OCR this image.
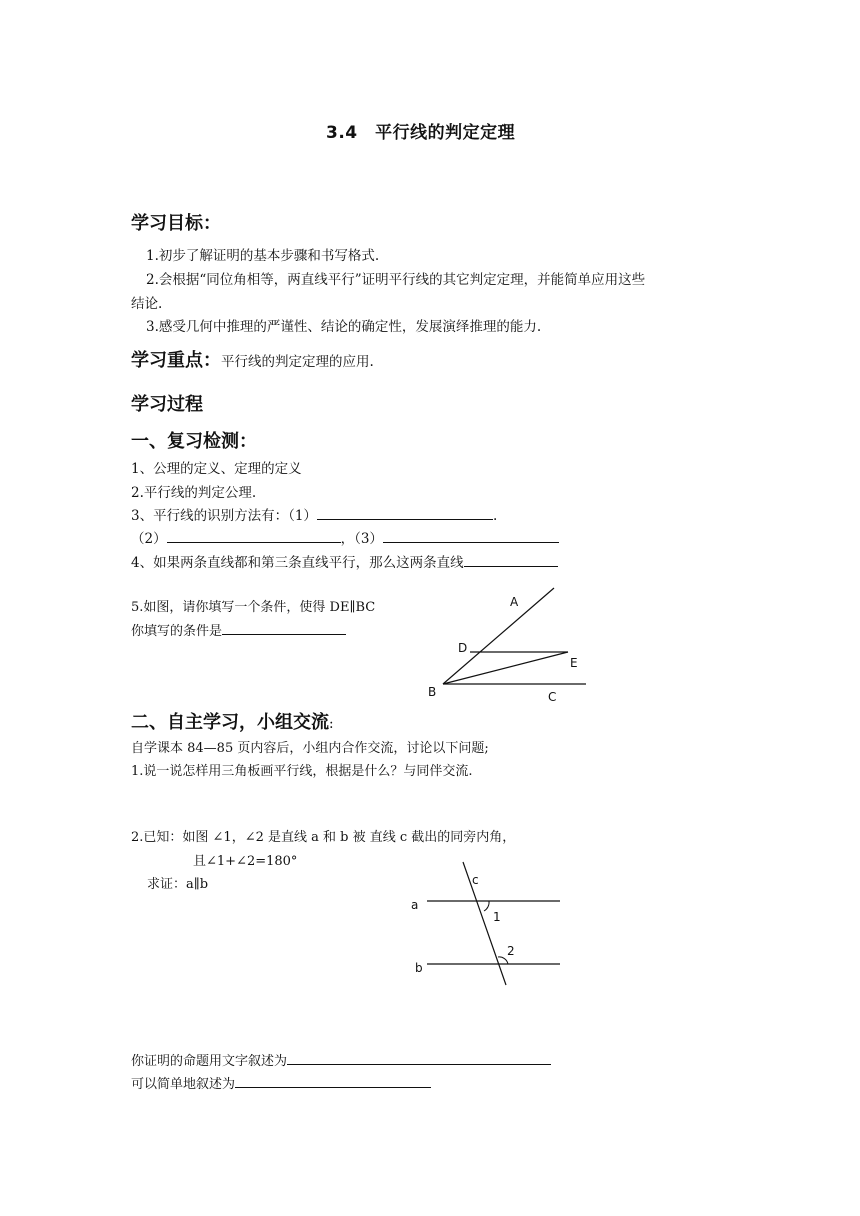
3.4　平行线的判定定理
学习目标：
1.初步了解证明的基本步骤和书写格式.
2.会根据“同位角相等，两直线平行”证明平行线的其它判定定理，并能简单应用这些
结论.
3.感受几何中推理的严谨性、结论的确定性，发展演绎推理的能力.
学习重点：平行线的判定定理的应用.
学习过程
一、复习检测：
1、公理的定义、定理的定义
2.平行线的判定公理.
3、平行线的识别方法有：（1）	.
（2）	，（3）
4、如果两条直线都和第三条直线平行，那么这两条直线
5.如图，请你填写一个条件，使得 DE∥BC
你填写的条件是
A
D
E
B	C
二、自主学习，小组交流:
自学课本 84—85 页内容后，小组内合作交流，讨论以下问题;
1.说一说怎样用三角板画平行线，根据是什么？与同伴交流.
2.已知：如图 ∠1，∠2 是直线 a 和 b 被 直线 c 截出的同旁内角，
且∠1+∠2=180°
求证：a∥b	c
a
b
1
2
你证明的命题用文字叙述为
可以简单地叙述为
